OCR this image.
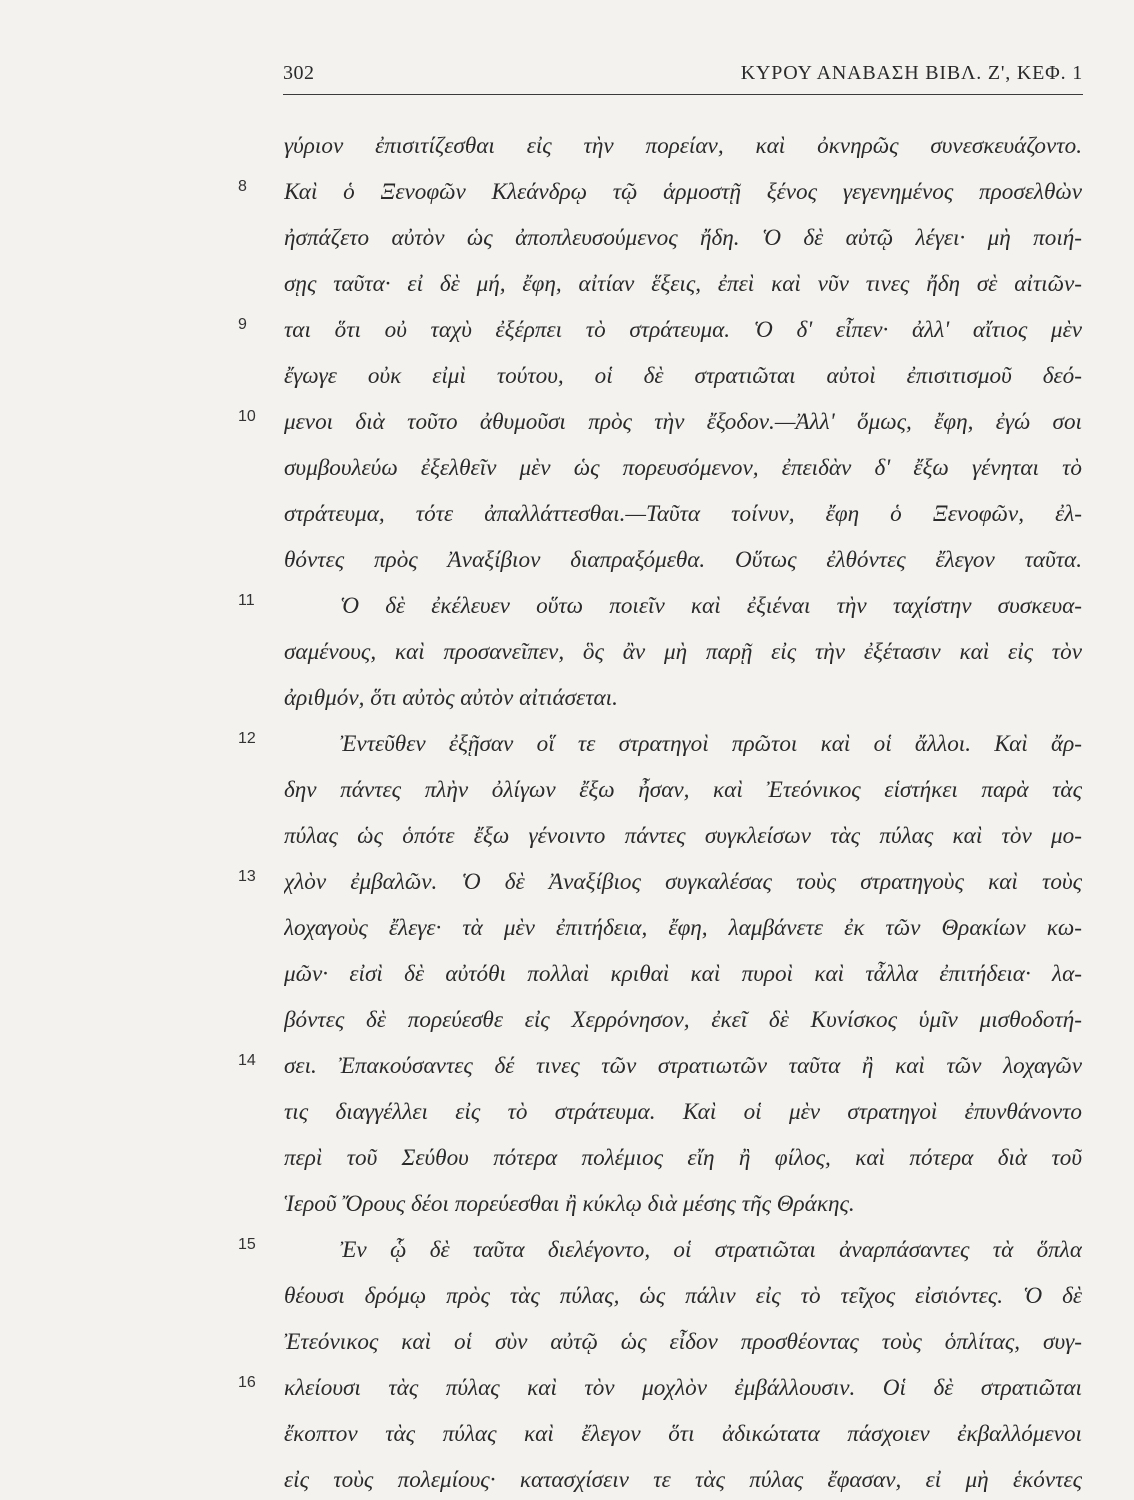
302	ΚΥΡΟΥ ΑΝΑΒΑΣΗ ΒΙΒΛ. Ζ', ΚΕΦ. 1
γύριον ἐπισιτίζεσθαι εἰς τὴν πορείαν, καὶ ὀκνηρῶς συνεσκευάζοντο.
8	Καὶ ὁ Ξενοφῶν Κλεάνδρῳ τῷ ἁρμοστῇ ξένος γεγενημένος προσελθὼν
ἠσπάζετο αὐτὸν ὡς ἀποπλευσούμενος ἤδη. Ὁ δὲ αὐτῷ λέγει· μὴ ποιή-
σῃς ταῦτα· εἰ δὲ μή, ἔφη, αἰτίαν ἕξεις, ἐπεὶ καὶ νῦν τινες ἤδη σὲ αἰτιῶν-
9	ται ὅτι οὐ ταχὺ ἐξέρπει τὸ στράτευμα. Ὁ δ' εἶπεν· ἀλλ' αἴτιος μὲν
ἔγωγε οὐκ εἰμὶ τούτου, οἱ δὲ στρατιῶται αὐτοὶ ἐπισιτισμοῦ δεό-
10	μενοι διὰ τοῦτο ἀθυμοῦσι πρὸς τὴν ἔξοδον.—Ἀλλ' ὅμως, ἔφη, ἐγώ σοι
συμβουλεύω ἐξελθεῖν μὲν ὡς πορευσόμενον, ἐπειδὰν δ' ἔξω γένηται τὸ
στράτευμα, τότε ἀπαλλάττεσθαι.—Ταῦτα τοίνυν, ἔφη ὁ Ξενοφῶν, ἐλ-
θόντες πρὸς Ἀναξίβιον διαπραξόμεθα. Οὕτως ἐλθόντες ἔλεγον ταῦτα.
11	Ὁ δὲ ἐκέλευεν οὕτω ποιεῖν καὶ ἐξιέναι τὴν ταχίστην συσκευα-
σαμένους, καὶ προσανεῖπεν, ὃς ἂν μὴ παρῇ εἰς τὴν ἐξέτασιν καὶ εἰς τὸν
ἀριθμόν, ὅτι αὐτὸς αὐτὸν αἰτιάσεται.
12	Ἐντεῦθεν ἐξῇσαν οἵ τε στρατηγοὶ πρῶτοι καὶ οἱ ἄλλοι. Καὶ ἄρ-
δην πάντες πλὴν ὀλίγων ἔξω ἦσαν, καὶ Ἐτεόνικος εἱστήκει παρὰ τὰς
πύλας ὡς ὁπότε ἔξω γένοιντο πάντες συγκλείσων τὰς πύλας καὶ τὸν μο-
13	χλὸν ἐμβαλῶν. Ὁ δὲ Ἀναξίβιος συγκαλέσας τοὺς στρατηγοὺς καὶ τοὺς
λοχαγοὺς ἔλεγε· τὰ μὲν ἐπιτήδεια, ἔφη, λαμβάνετε ἐκ τῶν Θρακίων κω-
μῶν· εἰσὶ δὲ αὐτόθι πολλαὶ κριθαὶ καὶ πυροὶ καὶ τἆλλα ἐπιτήδεια· λα-
βόντες δὲ πορεύεσθε εἰς Χερρόνησον, ἐκεῖ δὲ Κυνίσκος ὑμῖν μισθοδοτή-
14	σει. Ἐπακούσαντες δέ τινες τῶν στρατιωτῶν ταῦτα ἢ καὶ τῶν λοχαγῶν
τις διαγγέλλει εἰς τὸ στράτευμα. Καὶ οἱ μὲν στρατηγοὶ ἐπυνθάνοντο
περὶ τοῦ Σεύθου πότερα πολέμιος εἴη ἢ φίλος, καὶ πότερα διὰ τοῦ
Ἱεροῦ Ὄρους δέοι πορεύεσθαι ἢ κύκλῳ διὰ μέσης τῆς Θράκης.
15	Ἐν ᾧ δὲ ταῦτα διελέγοντο, οἱ στρατιῶται ἀναρπάσαντες τὰ ὅπλα
θέουσι δρόμῳ πρὸς τὰς πύλας, ὡς πάλιν εἰς τὸ τεῖχος εἰσιόντες. Ὁ δὲ
Ἐτεόνικος καὶ οἱ σὺν αὐτῷ ὡς εἶδον προσθέοντας τοὺς ὁπλίτας, συγ-
16	κλείουσι τὰς πύλας καὶ τὸν μοχλὸν ἐμβάλλουσιν. Οἱ δὲ στρατιῶται
ἔκοπτον τὰς πύλας καὶ ἔλεγον ὅτι ἀδικώτατα πάσχοιεν ἐκβαλλόμενοι
εἰς τοὺς πολεμίους· κατασχίσειν τε τὰς πύλας ἔφασαν, εἰ μὴ ἑκόντες
